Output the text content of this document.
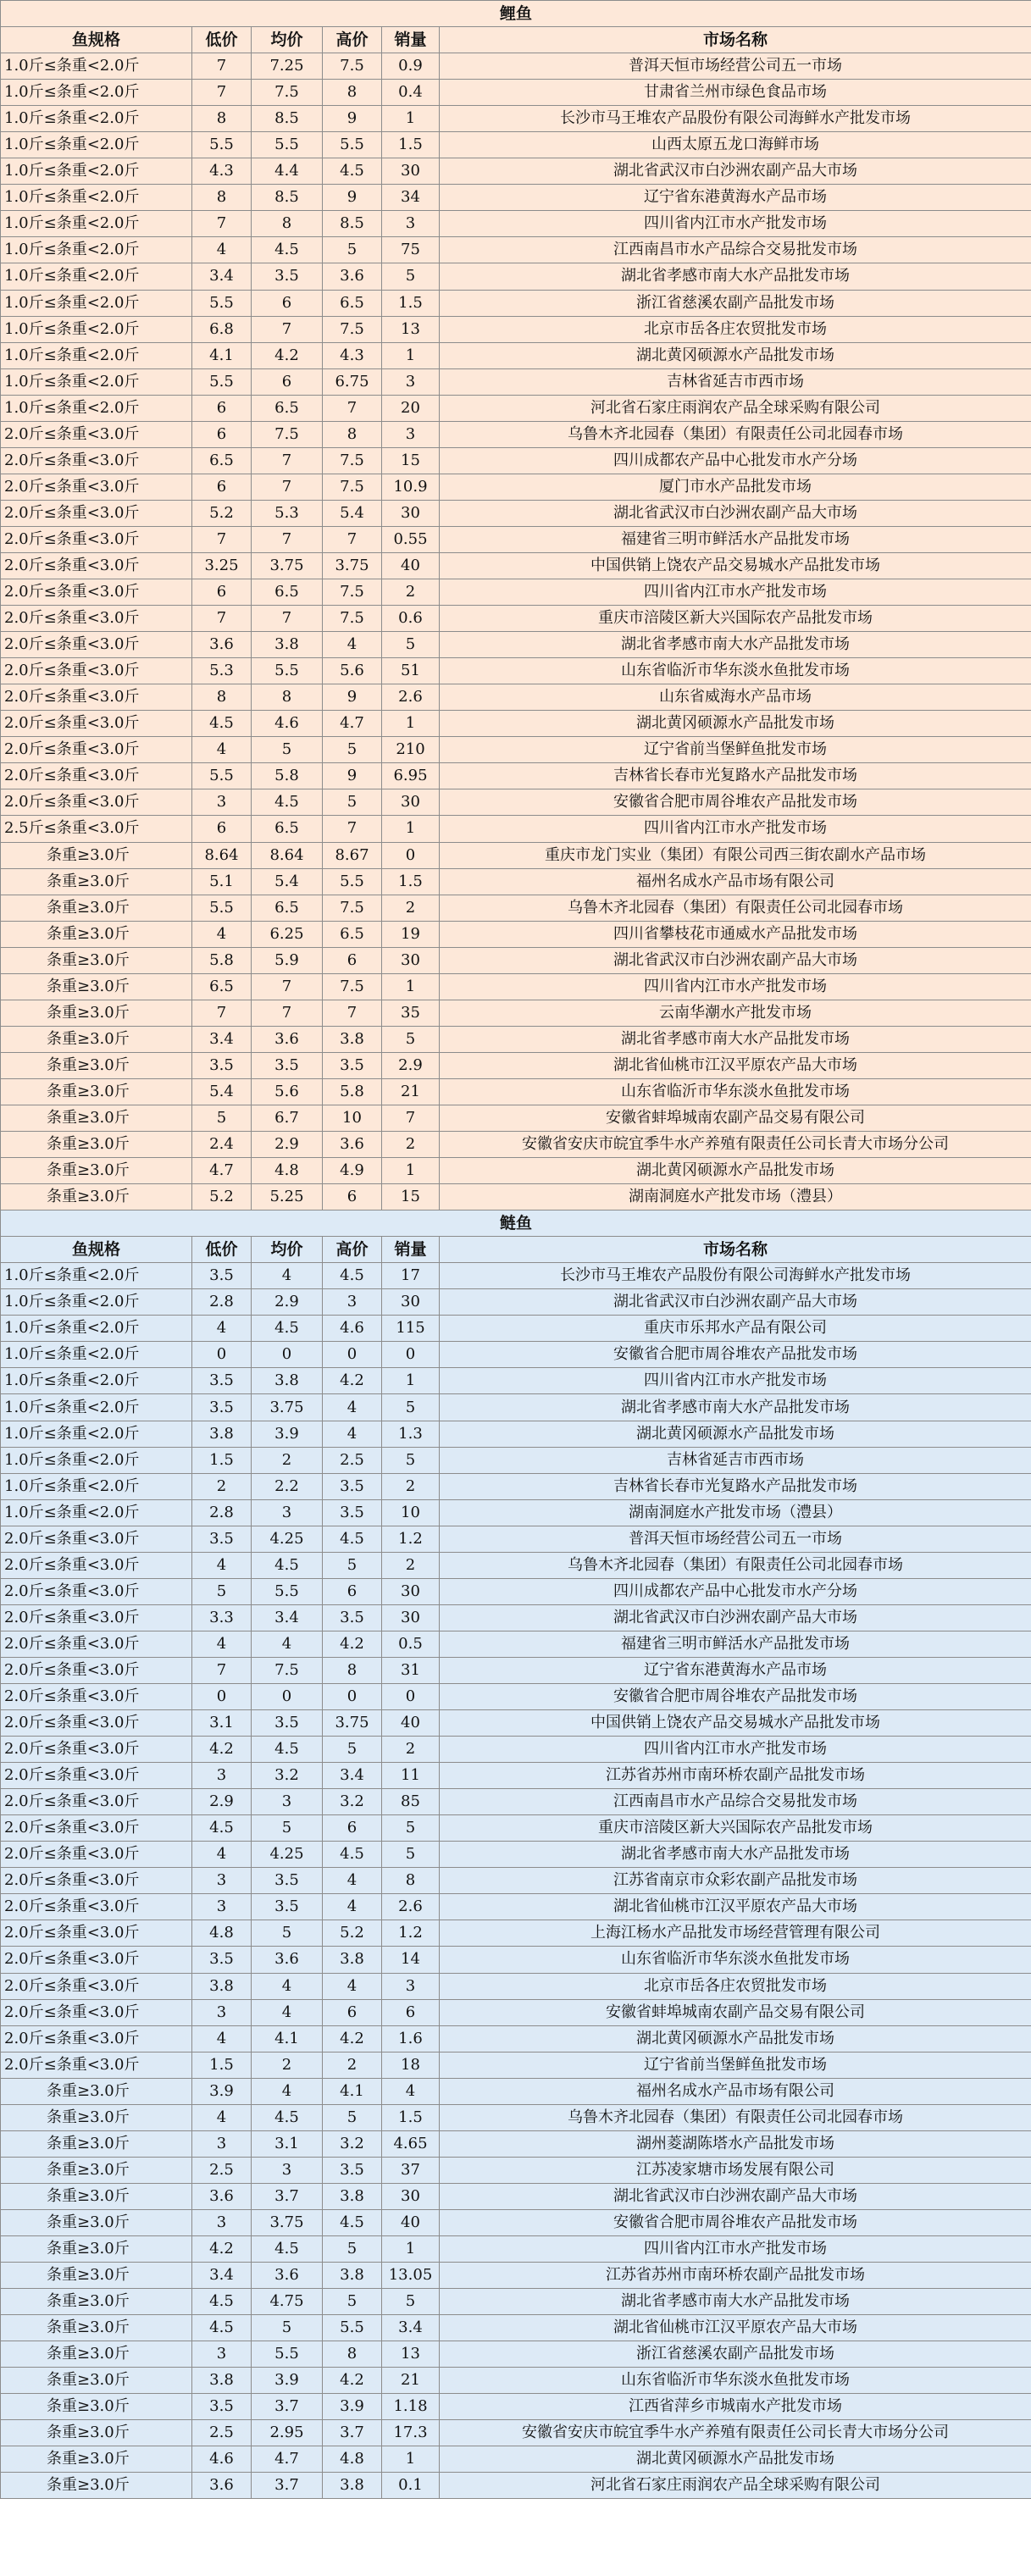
鲤鱼					
鱼规格	低价	均价	高价	销量	市场名称
1.0斤≤条重<2.0斤	7	7.25	7.5	0.9	普洱天恒市场经营公司五一市场
1.0斤≤条重<2.0斤	7	7.5	8	0.4	甘肃省兰州市绿色食品市场
1.0斤≤条重<2.0斤	8	8.5	9	1	长沙市马王堆农产品股份有限公司海鲜水产批发市场
1.0斤≤条重<2.0斤	5.5	5.5	5.5	1.5	山西太原五龙口海鲜市场
1.0斤≤条重<2.0斤	4.3	4.4	4.5	30	湖北省武汉市白沙洲农副产品大市场
1.0斤≤条重<2.0斤	8	8.5	9	34	辽宁省东港黄海水产品市场
1.0斤≤条重<2.0斤	7	8	8.5	3	四川省内江市水产批发市场
1.0斤≤条重<2.0斤	4	4.5	5	75	江西南昌市水产品综合交易批发市场
1.0斤≤条重<2.0斤	3.4	3.5	3.6	5	湖北省孝感市南大水产品批发市场
1.0斤≤条重<2.0斤	5.5	6	6.5	1.5	浙江省慈溪农副产品批发市场
1.0斤≤条重<2.0斤	6.8	7	7.5	13	北京市岳各庄农贸批发市场
1.0斤≤条重<2.0斤	4.1	4.2	4.3	1	湖北黄冈硕源水产品批发市场
1.0斤≤条重<2.0斤	5.5	6	6.75	3	吉林省延吉市西市场
1.0斤≤条重<2.0斤	6	6.5	7	20	河北省石家庄雨润农产品全球采购有限公司
2.0斤≤条重<3.0斤	6	7.5	8	3	乌鲁木齐北园春（集团）有限责任公司北园春市场
2.0斤≤条重<3.0斤	6.5	7	7.5	15	四川成都农产品中心批发市水产分场
2.0斤≤条重<3.0斤	6	7	7.5	10.9	厦门市水产品批发市场
2.0斤≤条重<3.0斤	5.2	5.3	5.4	30	湖北省武汉市白沙洲农副产品大市场
2.0斤≤条重<3.0斤	7	7	7	0.55	福建省三明市鲜活水产品批发市场
2.0斤≤条重<3.0斤	3.25	3.75	3.75	40	中国供销上饶农产品交易城水产品批发市场
2.0斤≤条重<3.0斤	6	6.5	7.5	2	四川省内江市水产批发市场
2.0斤≤条重<3.0斤	7	7	7.5	0.6	重庆市涪陵区新大兴国际农产品批发市场
2.0斤≤条重<3.0斤	3.6	3.8	4	5	湖北省孝感市南大水产品批发市场
2.0斤≤条重<3.0斤	5.3	5.5	5.6	51	山东省临沂市华东淡水鱼批发市场
2.0斤≤条重<3.0斤	8	8	9	2.6	山东省威海水产品市场
2.0斤≤条重<3.0斤	4.5	4.6	4.7	1	湖北黄冈硕源水产品批发市场
2.0斤≤条重<3.0斤	4	5	5	210	辽宁省前当堡鲜鱼批发市场
2.0斤≤条重<3.0斤	5.5	5.8	9	6.95	吉林省长春市光复路水产品批发市场
2.0斤≤条重<3.0斤	3	4.5	5	30	安徽省合肥市周谷堆农产品批发市场
2.5斤≤条重<3.0斤	6	6.5	7	1	四川省内江市水产批发市场
条重≥3.0斤	8.64	8.64	8.67	0	重庆市龙门实业（集团）有限公司西三街农副水产品市场
条重≥3.0斤	5.1	5.4	5.5	1.5	福州名成水产品市场有限公司
条重≥3.0斤	5.5	6.5	7.5	2	乌鲁木齐北园春（集团）有限责任公司北园春市场
条重≥3.0斤	4	6.25	6.5	19	四川省攀枝花市通威水产品批发市场
条重≥3.0斤	5.8	5.9	6	30	湖北省武汉市白沙洲农副产品大市场
条重≥3.0斤	6.5	7	7.5	1	四川省内江市水产批发市场
条重≥3.0斤	7	7	7	35	云南华潮水产批发市场
条重≥3.0斤	3.4	3.6	3.8	5	湖北省孝感市南大水产品批发市场
条重≥3.0斤	3.5	3.5	3.5	2.9	湖北省仙桃市江汉平原农产品大市场
条重≥3.0斤	5.4	5.6	5.8	21	山东省临沂市华东淡水鱼批发市场
条重≥3.0斤	5	6.7	10	7	安徽省蚌埠城南农副产品交易有限公司
条重≥3.0斤	2.4	2.9	3.6	2	安徽省安庆市皖宜季牛水产养殖有限责任公司长青大市场分公司
条重≥3.0斤	4.7	4.8	4.9	1	湖北黄冈硕源水产品批发市场
条重≥3.0斤	5.2	5.25	6	15	湖南洞庭水产批发市场（澧县）
鲢鱼					
鱼规格	低价	均价	高价	销量	市场名称
1.0斤≤条重<2.0斤	3.5	4	4.5	17	长沙市马王堆农产品股份有限公司海鲜水产批发市场
1.0斤≤条重<2.0斤	2.8	2.9	3	30	湖北省武汉市白沙洲农副产品大市场
1.0斤≤条重<2.0斤	4	4.5	4.6	115	重庆市乐邦水产品有限公司
1.0斤≤条重<2.0斤	0	0	0	0	安徽省合肥市周谷堆农产品批发市场
1.0斤≤条重<2.0斤	3.5	3.8	4.2	1	四川省内江市水产批发市场
1.0斤≤条重<2.0斤	3.5	3.75	4	5	湖北省孝感市南大水产品批发市场
1.0斤≤条重<2.0斤	3.8	3.9	4	1.3	湖北黄冈硕源水产品批发市场
1.0斤≤条重<2.0斤	1.5	2	2.5	5	吉林省延吉市西市场
1.0斤≤条重<2.0斤	2	2.2	3.5	2	吉林省长春市光复路水产品批发市场
1.0斤≤条重<2.0斤	2.8	3	3.5	10	湖南洞庭水产批发市场（澧县）
2.0斤≤条重<3.0斤	3.5	4.25	4.5	1.2	普洱天恒市场经营公司五一市场
2.0斤≤条重<3.0斤	4	4.5	5	2	乌鲁木齐北园春（集团）有限责任公司北园春市场
2.0斤≤条重<3.0斤	5	5.5	6	30	四川成都农产品中心批发市水产分场
2.0斤≤条重<3.0斤	3.3	3.4	3.5	30	湖北省武汉市白沙洲农副产品大市场
2.0斤≤条重<3.0斤	4	4	4.2	0.5	福建省三明市鲜活水产品批发市场
2.0斤≤条重<3.0斤	7	7.5	8	31	辽宁省东港黄海水产品市场
2.0斤≤条重<3.0斤	0	0	0	0	安徽省合肥市周谷堆农产品批发市场
2.0斤≤条重<3.0斤	3.1	3.5	3.75	40	中国供销上饶农产品交易城水产品批发市场
2.0斤≤条重<3.0斤	4.2	4.5	5	2	四川省内江市水产批发市场
2.0斤≤条重<3.0斤	3	3.2	3.4	11	江苏省苏州市南环桥农副产品批发市场
2.0斤≤条重<3.0斤	2.9	3	3.2	85	江西南昌市水产品综合交易批发市场
2.0斤≤条重<3.0斤	4.5	5	6	5	重庆市涪陵区新大兴国际农产品批发市场
2.0斤≤条重<3.0斤	4	4.25	4.5	5	湖北省孝感市南大水产品批发市场
2.0斤≤条重<3.0斤	3	3.5	4	8	江苏省南京市众彩农副产品批发市场
2.0斤≤条重<3.0斤	3	3.5	4	2.6	湖北省仙桃市江汉平原农产品大市场
2.0斤≤条重<3.0斤	4.8	5	5.2	1.2	上海江杨水产品批发市场经营管理有限公司
2.0斤≤条重<3.0斤	3.5	3.6	3.8	14	山东省临沂市华东淡水鱼批发市场
2.0斤≤条重<3.0斤	3.8	4	4	3	北京市岳各庄农贸批发市场
2.0斤≤条重<3.0斤	3	4	6	6	安徽省蚌埠城南农副产品交易有限公司
2.0斤≤条重<3.0斤	4	4.1	4.2	1.6	湖北黄冈硕源水产品批发市场
2.0斤≤条重<3.0斤	1.5	2	2	18	辽宁省前当堡鲜鱼批发市场
条重≥3.0斤	3.9	4	4.1	4	福州名成水产品市场有限公司
条重≥3.0斤	4	4.5	5	1.5	乌鲁木齐北园春（集团）有限责任公司北园春市场
条重≥3.0斤	3	3.1	3.2	4.65	湖州菱湖陈塔水产品批发市场
条重≥3.0斤	2.5	3	3.5	37	江苏凌家塘市场发展有限公司
条重≥3.0斤	3.6	3.7	3.8	30	湖北省武汉市白沙洲农副产品大市场
条重≥3.0斤	3	3.75	4.5	40	安徽省合肥市周谷堆农产品批发市场
条重≥3.0斤	4.2	4.5	5	1	四川省内江市水产批发市场
条重≥3.0斤	3.4	3.6	3.8	13.05	江苏省苏州市南环桥农副产品批发市场
条重≥3.0斤	4.5	4.75	5	5	湖北省孝感市南大水产品批发市场
条重≥3.0斤	4.5	5	5.5	3.4	湖北省仙桃市江汉平原农产品大市场
条重≥3.0斤	3	5.5	8	13	浙江省慈溪农副产品批发市场
条重≥3.0斤	3.8	3.9	4.2	21	山东省临沂市华东淡水鱼批发市场
条重≥3.0斤	3.5	3.7	3.9	1.18	江西省萍乡市城南水产批发市场
条重≥3.0斤	2.5	2.95	3.7	17.3	安徽省安庆市皖宜季牛水产养殖有限责任公司长青大市场分公司
条重≥3.0斤	4.6	4.7	4.8	1	湖北黄冈硕源水产品批发市场
条重≥3.0斤	3.6	3.7	3.8	0.1	河北省石家庄雨润农产品全球采购有限公司
